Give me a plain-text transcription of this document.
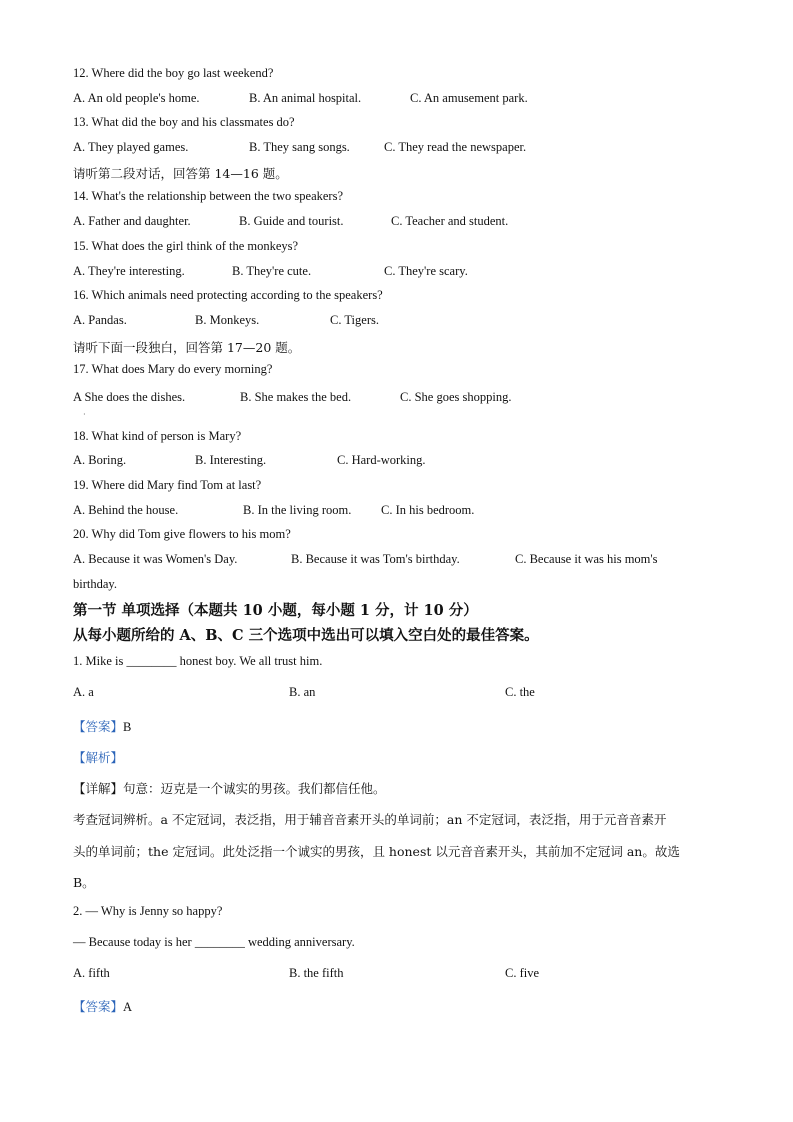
12. Where did the boy go last weekend?
A. An old people's home.	B. An animal hospital.	C. An amusement park.
13. What did the boy and his classmates do?
A. They played games.	B. They sang songs.	C. They read the newspaper.
请听第二段对话，回答第 14—16 题。
14. What's the relationship between the two speakers?
A. Father and daughter.	B. Guide and tourist.	C. Teacher and student.
15. What does the girl think of the monkeys?
A. They're interesting.	B. They're cute.	C. They're scary.
16. Which animals need protecting according to the speakers?
A. Pandas.	B. Monkeys.	C. Tigers.
请听下面一段独白，回答第 17—20 题。
17. What does Mary do every morning?
A She does the dishes.
·
B. She makes the bed.	C. She goes shopping.
18. What kind of person is Mary?
A. Boring.	B. Interesting.	C. Hard-working.
19. Where did Mary find Tom at last?
A. Behind the house.	B. In the living room. C. In his bedroom.
20. Why did Tom give flowers to his mom?
A. Because it was Women's Day.	B. Because it was Tom's birthday.	C. Because it was his mom's
birthday.
第一节 单项选择（本题共 10 小题，每小题 1 分，计 10 分）
从每小题所给的 A、B、C 三个选项中选出可以填入空白处的最佳答案。
1. Mike is ________ honest boy. We all trust him.
A. a	B. an	C. the
【答案】B
【解析】
【详解】句意：迈克是一个诚实的男孩。我们都信任他。
考查冠词辨析。a 不定冠词，表泛指，用于辅音音素开头的单词前；an 不定冠词，表泛指，用于元音音素开
头的单词前；the 定冠词。此处泛指一个诚实的男孩，且 honest 以元音音素开头，其前加不定冠词 an。故选
B。
2. — Why is Jenny so happy?
— Because today is her ________ wedding anniversary.
A. fifth	B. the fifth	C. five
【答案】A
